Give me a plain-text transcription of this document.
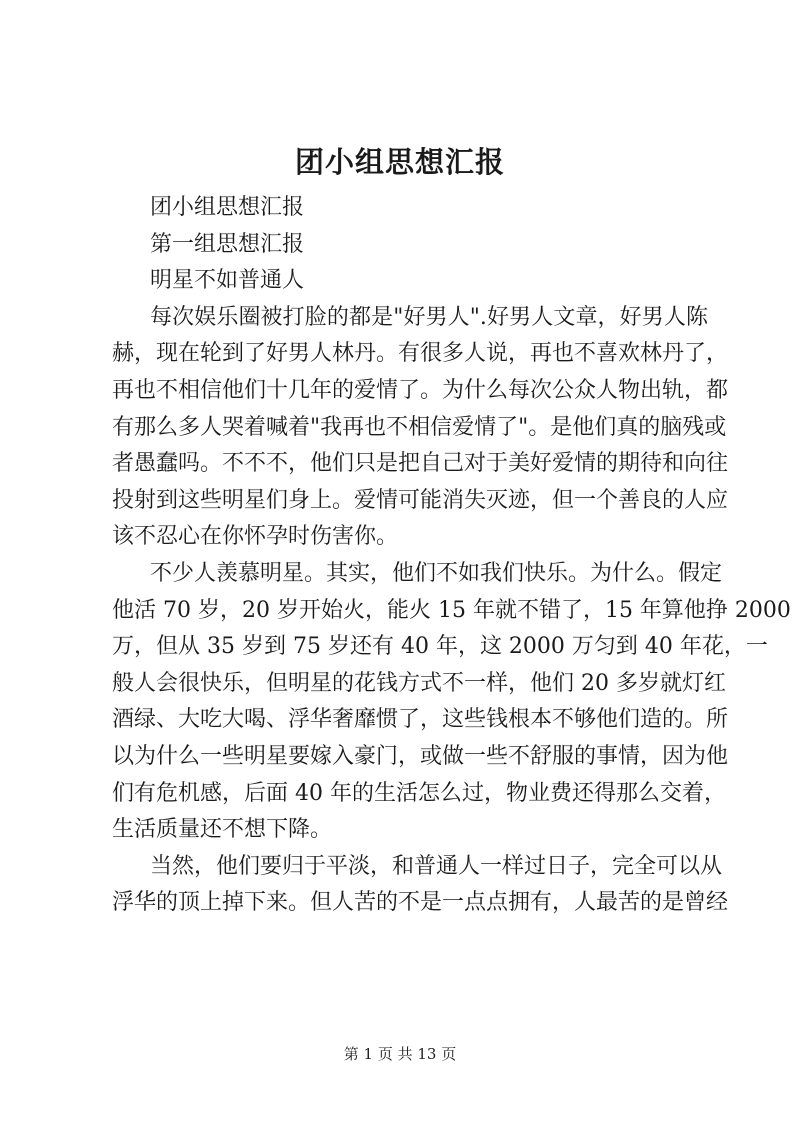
团小组思想汇报
团小组思想汇报
第一组思想汇报
明星不如普通人
每次娱乐圈被打脸的都是"好男人".好男人文章，好男人陈
赫，现在轮到了好男人林丹。有很多人说，再也不喜欢林丹了，
再也不相信他们十几年的爱情了。为什么每次公众人物出轨，都
有那么多人哭着喊着"我再也不相信爱情了"。是他们真的脑残或
者愚蠢吗。不不不，他们只是把自己对于美好爱情的期待和向往
投射到这些明星们身上。爱情可能消失灭迹，但一个善良的人应
该不忍心在你怀孕时伤害你。
不少人羡慕明星。其实，他们不如我们快乐。为什么。假定
他活 70 岁，20 岁开始火，能火 15 年就不错了，15 年算他挣 2000
万，但从 35 岁到 75 岁还有 40 年，这 2000 万匀到 40 年花，一
般人会很快乐，但明星的花钱方式不一样，他们 20 多岁就灯红
酒绿、大吃大喝、浮华奢靡惯了，这些钱根本不够他们造的。所
以为什么一些明星要嫁入豪门，或做一些不舒服的事情，因为他
们有危机感，后面 40 年的生活怎么过，物业费还得那么交着，
生活质量还不想下降。
当然，他们要归于平淡，和普通人一样过日子，完全可以从
浮华的顶上掉下来。但人苦的不是一点点拥有，人最苦的是曾经
第 1 页 共 13 页
